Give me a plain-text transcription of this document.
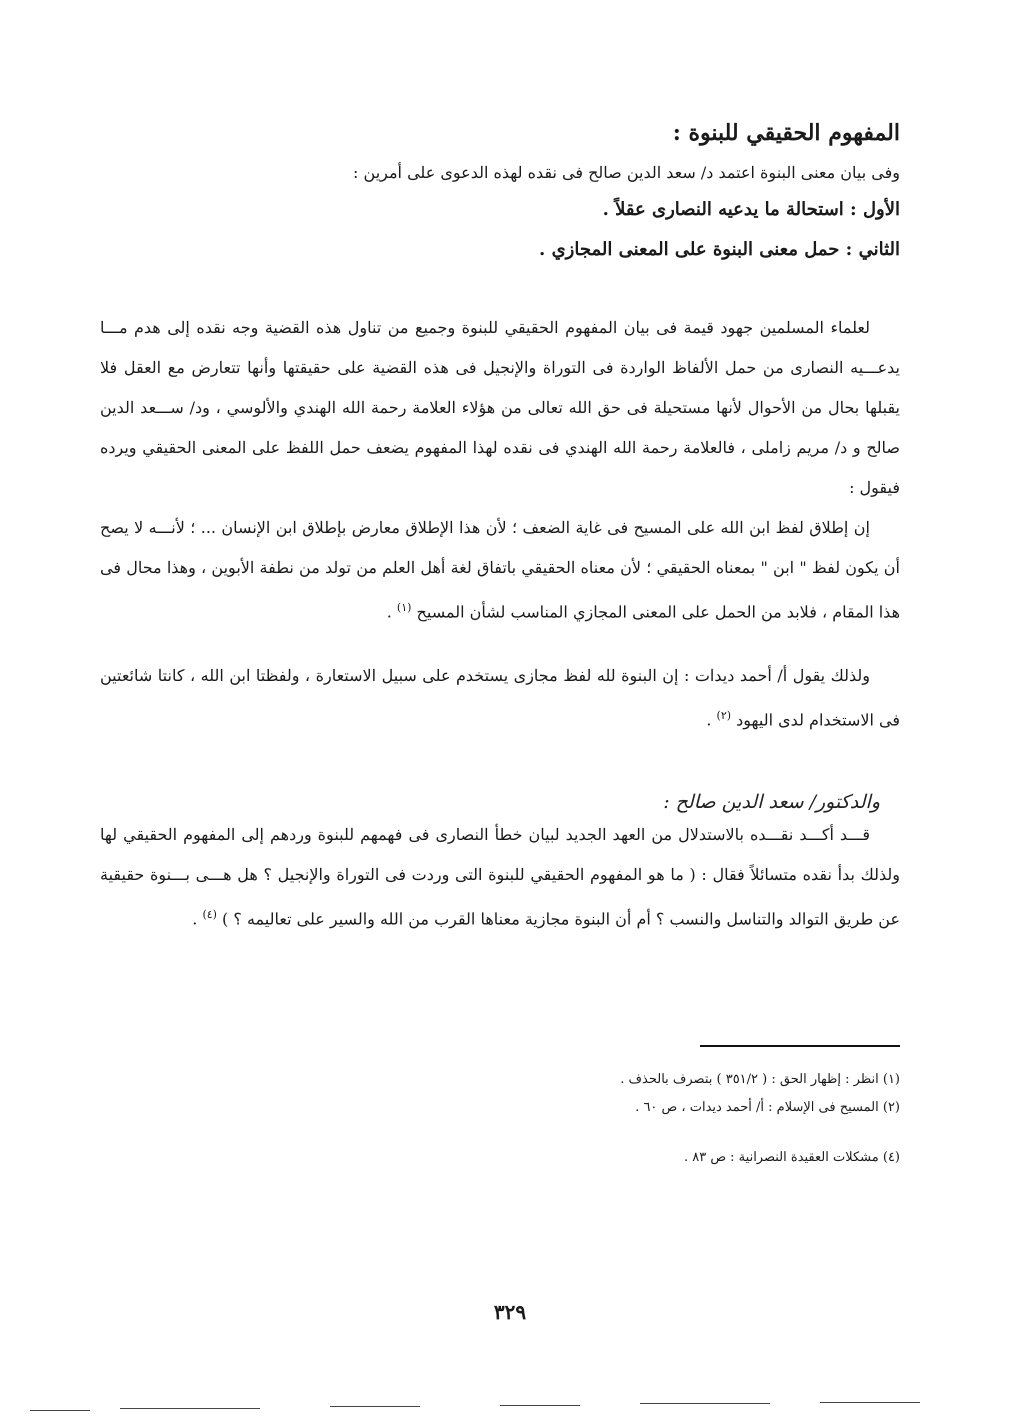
المفهوم الحقيقي للبنوة :
وفى بيان معنى البنوة اعتمد د/ سعد الدين صالح فى نقده لهذه الدعوى على أمرين :
الأول : استحالة ما يدعيه النصارى عقلاً .
الثاني : حمل معنى البنوة على المعنى المجازي .

لعلماء المسلمين جهود قيمة فى بيان المفهوم الحقيقي للبنوة وجميع من تناول هذه القضية وجه نقده إلى هدم مـــا يدعـــيه النصارى من حمل الألفاظ الواردة فى التوراة والإنجيل فى هذه القضية على حقيقتها وأنها تتعارض مع العقل فلا يقبلها بحال من الأحوال لأنها مستحيلة فى حق الله تعالى من هؤلاء العلامة رحمة الله الهندي والألوسي ، ود/ ســـعد الدين صالح و د/ مريم زاملى ، فالعلامة رحمة الله الهندي فى نقده لهذا المفهوم يضعف حمل اللفظ على المعنى الحقيقي ويرده فيقول :

إن إطلاق لفظ ابن الله على المسيح فى غاية الضعف ؛ لأن هذا الإطلاق معارض بإطلاق ابن الإنسان ... ؛ لأنـــه لا يصح أن يكون لفظ " ابن " بمعناه الحقيقي ؛ لأن معناه الحقيقي باتفاق لغة أهل العلم من تولد من نطفة الأبوين ، وهذا محال فى هذا المقام ، فلابد من الحمل على المعنى المجازي المناسب لشأن المسيح $^{(١)}$ .

ولذلك يقول أ/ أحمد ديدات : إن البنوة لله لفظ مجازى يستخدم على سبيل الاستعارة ، ولفظتا ابن الله ، كانتا شائعتين فى الاستخدام لدى اليهود $^{(٢)}$ .

والدكتور/ سعد الدين صالح :

قـــد أكـــد نقـــده بالاستدلال من العهد الجديد لبيان خطأ النصارى فى فهمهم للبنوة وردهم إلى المفهوم الحقيقي لها ولذلك بدأ نقده متسائلاً فقال : ( ما هو المفهوم الحقيقي للبنوة التى وردت فى التوراة والإنجيل ؟ هل هـــى بـــنوة حقيقية عن طريق التوالد والتناسل والنسب ؟ أم أن البنوة مجازية معناها القرب من الله والسير على تعاليمه ؟ ) $^{(٤)}$ .

(١) انظر : إظهار الحق : ( ٣٥١/٢ ) بتصرف بالحذف .
(٢) المسيح فى الإسلام : أ/ أحمد ديدات ، ص ٦٠ .
(٤) مشكلات العقيدة النصرانية : ص ٨٣ .
٣٢٩
